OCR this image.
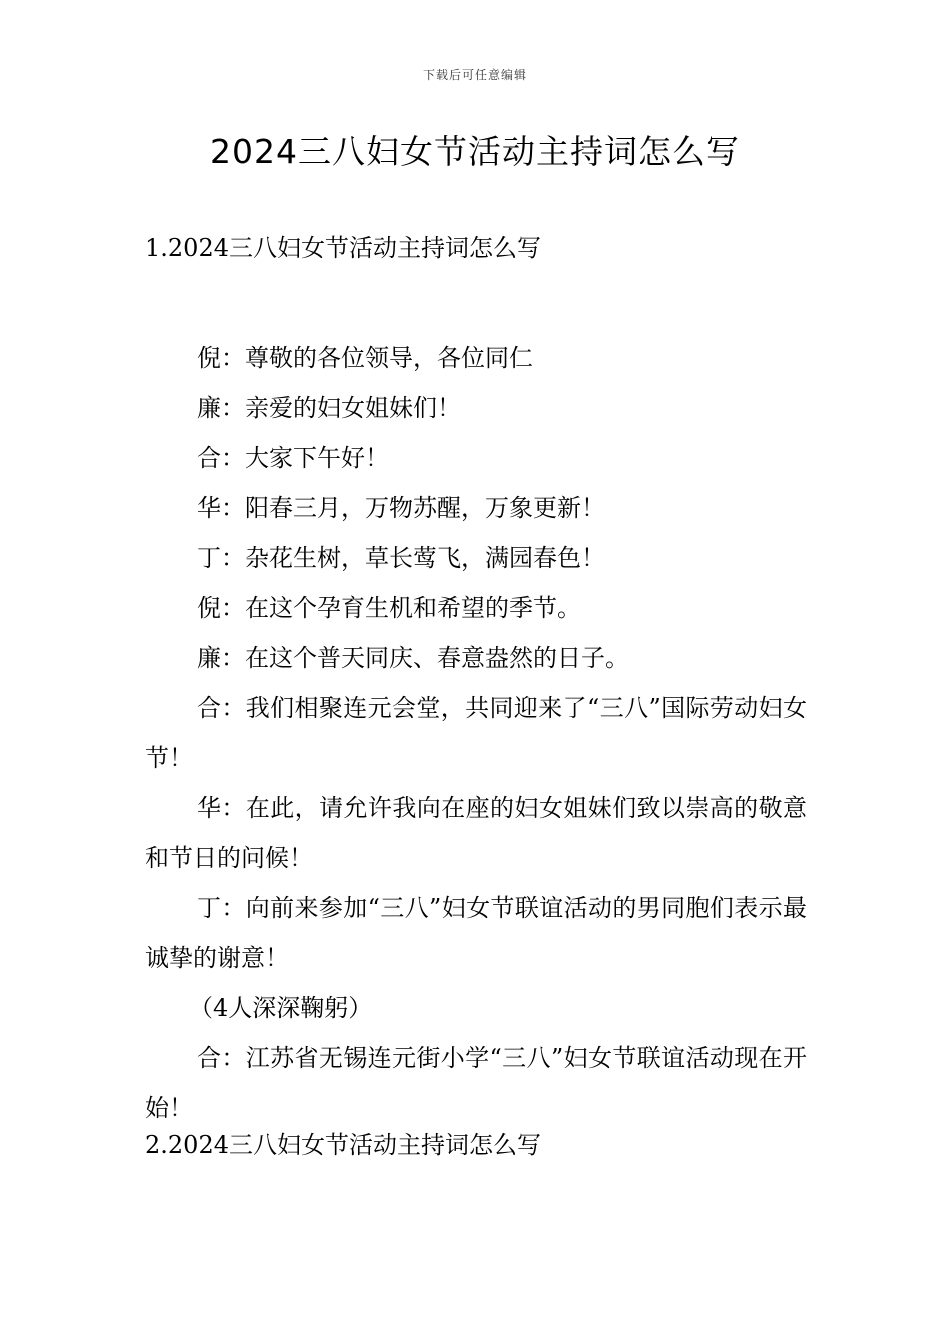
下载后可任意编辑
2024三八妇女节活动主持词怎么写
1.2024三八妇女节活动主持词怎么写

倪：尊敬的各位领导，各位同仁

廉：亲爱的妇女姐妹们！

合：大家下午好！

华：阳春三月，万物苏醒，万象更新！

丁：杂花生树，草长莺飞，满园春色！

倪：在这个孕育生机和希望的季节。

廉：在这个普天同庆、春意盎然的日子。

合：我们相聚连元会堂，共同迎来了“三八”国际劳动妇女节！

华：在此，请允许我向在座的妇女姐妹们致以崇高的敬意和节日的问候！

丁：向前来参加“三八”妇女节联谊活动的男同胞们表示最诚挚的谢意！

（4人深深鞠躬）

合：江苏省无锡连元街小学“三八”妇女节联谊活动现在开始！

2.2024三八妇女节活动主持词怎么写
